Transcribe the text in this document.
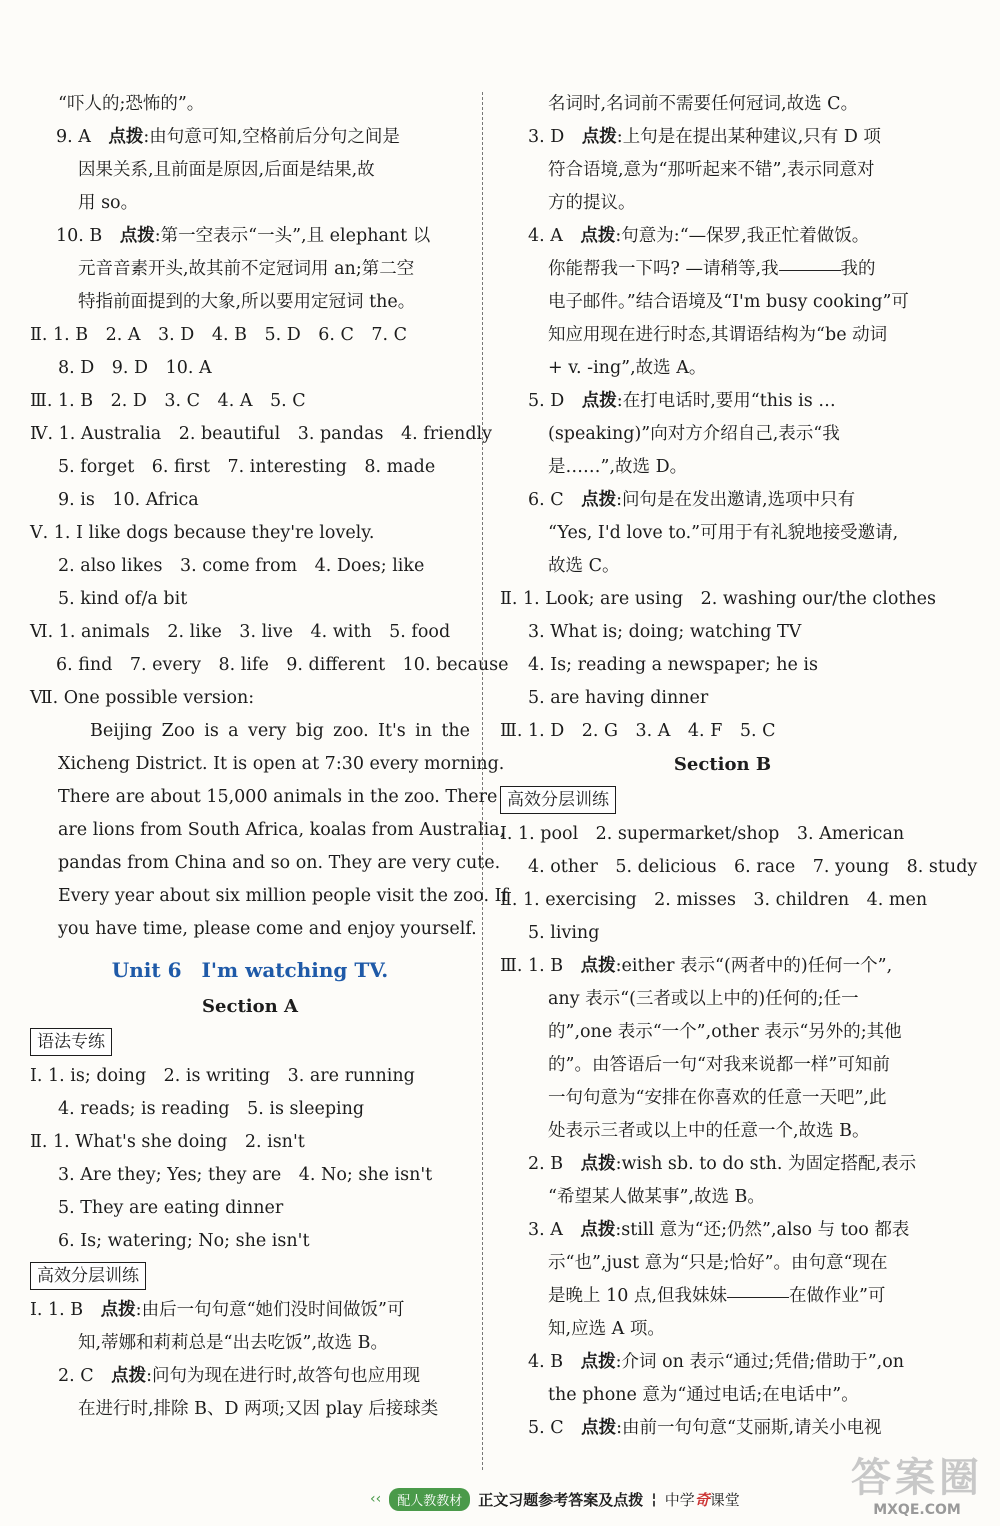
“吓人的;恐怖的”。
9. A　点拨:由句意可知,空格前后分句之间是
因果关系,且前面是原因,后面是结果,故
用 so。
10. B　点拨:第一空表示“一头”,且 elephant 以
元音音素开头,故其前不定冠词用 an;第二空
特指前面提到的大象,所以要用定冠词 the。
Ⅱ. 1. B　2. A　3. D　4. B　5. D　6. C　7. C
8. D　9. D　10. A
Ⅲ. 1. B　2. D　3. C　4. A　5. C
Ⅳ. 1. Australia　2. beautiful　3. pandas　4. friendly
5. forget　6. first　7. interesting　8. made
9. is　10. Africa
Ⅴ. 1. I like dogs because they're lovely.
2. also likes　3. come from　4. Does; like
5. kind of/a bit
Ⅵ. 1. animals　2. like　3. live　4. with　5. food
6. find　7. every　8. life　9. different　10. because
Ⅶ. One possible version:
Beijing Zoo is a very big zoo. It's in the
Xicheng District. It is open at 7:30 every morning.
There are about 15,000 animals in the zoo. There
are lions from South Africa, koalas from Australia,
pandas from China and so on. They are very cute.
Every year about six million people visit the zoo. If
you have time, please come and enjoy yourself.
Unit 6　I'm watching TV.
Section A
语法专练
Ⅰ. 1. is; doing　2. is writing　3. are running
4. reads; is reading　5. is sleeping
Ⅱ. 1. What's she doing　2. isn't
3. Are they; Yes; they are　4. No; she isn't
5. They are eating dinner
6. Is; watering; No; she isn't
高效分层训练
Ⅰ. 1. B　点拨:由后一句句意“她们没时间做饭”可
知,蒂娜和莉莉总是“出去吃饭”,故选 B。
2. C　点拨:问句为现在进行时,故答句也应用现
在进行时,排除 B、D 两项;又因 play 后接球类
名词时,名词前不需要任何冠词,故选 C。
3. D　点拨:上句是在提出某种建议,只有 D 项
符合语境,意为“那听起来不错”,表示同意对
方的提议。
4. A　点拨:句意为:“—保罗,我正忙着做饭。
你能帮我一下吗? —请稍等,我	我的
电子邮件。”结合语境及“I'm busy cooking”可
知应用现在进行时态,其谓语结构为“be 动词
+ v. -ing”,故选 A。
5. D　点拨:在打电话时,要用“this is …
(speaking)”向对方介绍自己,表示“我
是……”,故选 D。
6. C　点拨:问句是在发出邀请,选项中只有
“Yes, I'd love to.”可用于有礼貌地接受邀请,
故选 C。
Ⅱ. 1. Look; are using　2. washing our/the clothes
3. What is; doing; watching TV
4. Is; reading a newspaper; he is
5. are having dinner
Ⅲ. 1. D　2. G　3. A　4. F　5. C
Section B
高效分层训练
Ⅰ. 1. pool　2. supermarket/shop　3. American
4. other　5. delicious　6. race　7. young　8. study
Ⅱ. 1. exercising　2. misses　3. children　4. men
5. living
Ⅲ. 1. B　点拨:either 表示“(两者中的)任何一个”,
any 表示“(三者或以上中的)任何的;任一
的”,one 表示“一个”,other 表示“另外的;其他
的”。由答语后一句“对我来说都一样”可知前
一句句意为“安排在你喜欢的任意一天吧”,此
处表示三者或以上中的任意一个,故选 B。
2. B　点拨:wish sb. to do sth. 为固定搭配,表示
“希望某人做某事”,故选 B。
3. A　点拨:still 意为“还;仍然”,also 与 too 都表
示“也”,just 意为“只是;恰好”。由句意“现在
是晚上 10 点,但我妹妹	在做作业”可
知,应选 A 项。
4. B　点拨:介词 on 表示“通过;凭借;借助于”,on
the phone 意为“通过电话;在电话中”。
5. C　点拨:由前一句句意“艾丽斯,请关小电视
‹‹	配人教教材	正文习题参考答案及点拨 ¦ 中学奇课堂	答案圈
MXQE.COM
